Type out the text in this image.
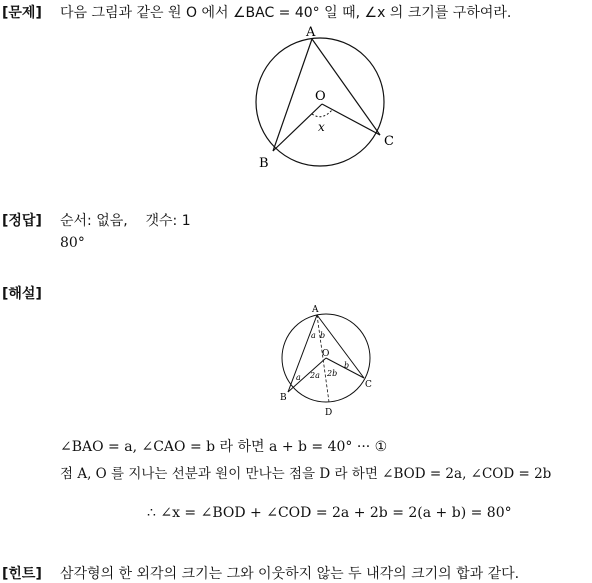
[문제] 다음 그림과 같은 원 O 에서 ∠BAC = 40° 일 때, ∠x 의 크기를 구하여라.
A
O
B
C
x
[정답] 순서: 없음,    갯수: 1
80°
[해설]
A
O
B
C
D
a b
a
b
2a 2b
∠BAO = a, ∠CAO = b 라 하면 a + b = 40° ··· ①
점 A, O 를 지나는 선분과 원이 만나는 점을 D 라 하면 ∠BOD = 2a, ∠COD = 2b
∴ ∠x = ∠BOD + ∠COD = 2a + 2b = 2(a + b) = 80°
[힌트] 삼각형의 한 외각의 크기는 그와 이웃하지 않는 두 내각의 크기의 합과 같다.
